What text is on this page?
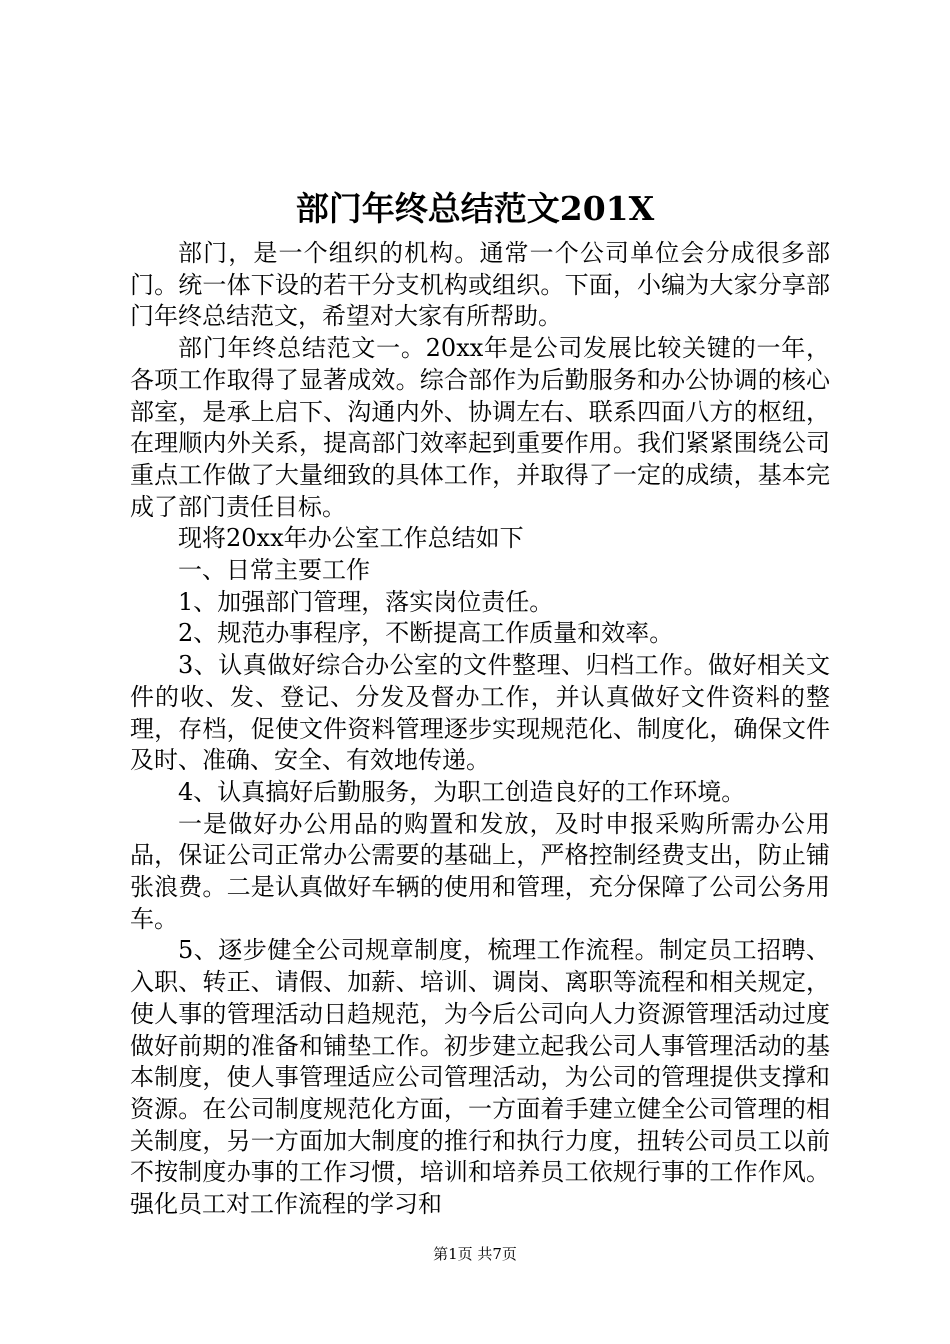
部门年终总结范文201X

部门，是一个组织的机构。通常一个公司单位会分成很多部门。统一体下设的若干分支机构或组织。下面，小编为大家分享部门年终总结范文，希望对大家有所帮助。

部门年终总结范文一。20xx年是公司发展比较关键的一年，各项工作取得了显著成效。综合部作为后勤服务和办公协调的核心部室，是承上启下、沟通内外、协调左右、联系四面八方的枢纽，在理顺内外关系，提高部门效率起到重要作用。我们紧紧围绕公司重点工作做了大量细致的具体工作，并取得了一定的成绩，基本完成了部门责任目标。

现将20xx年办公室工作总结如下

一、日常主要工作

1、加强部门管理，落实岗位责任。

2、规范办事程序，不断提高工作质量和效率。

3、认真做好综合办公室的文件整理、归档工作。做好相关文件的收、发、登记、分发及督办工作，并认真做好文件资料的整理，存档，促使文件资料管理逐步实现规范化、制度化，确保文件及时、准确、安全、有效地传递。

4、认真搞好后勤服务，为职工创造良好的工作环境。

一是做好办公用品的购置和发放，及时申报采购所需办公用品，保证公司正常办公需要的基础上，严格控制经费支出，防止铺张浪费。二是认真做好车辆的使用和管理，充分保障了公司公务用车。

5、逐步健全公司规章制度，梳理工作流程。制定员工招聘、入职、转正、请假、加薪、培训、调岗、离职等流程和相关规定，使人事的管理活动日趋规范，为今后公司向人力资源管理活动过度做好前期的准备和铺垫工作。初步建立起我公司人事管理活动的基本制度，使人事管理适应公司管理活动，为公司的管理提供支撑和资源。在公司制度规范化方面，一方面着手建立健全公司管理的相关制度，另一方面加大制度的推行和执行力度，扭转公司员工以前不按制度办事的工作习惯，培训和培养员工依规行事的工作作风。强化员工对工作流程的学习和

第1页 共7页
